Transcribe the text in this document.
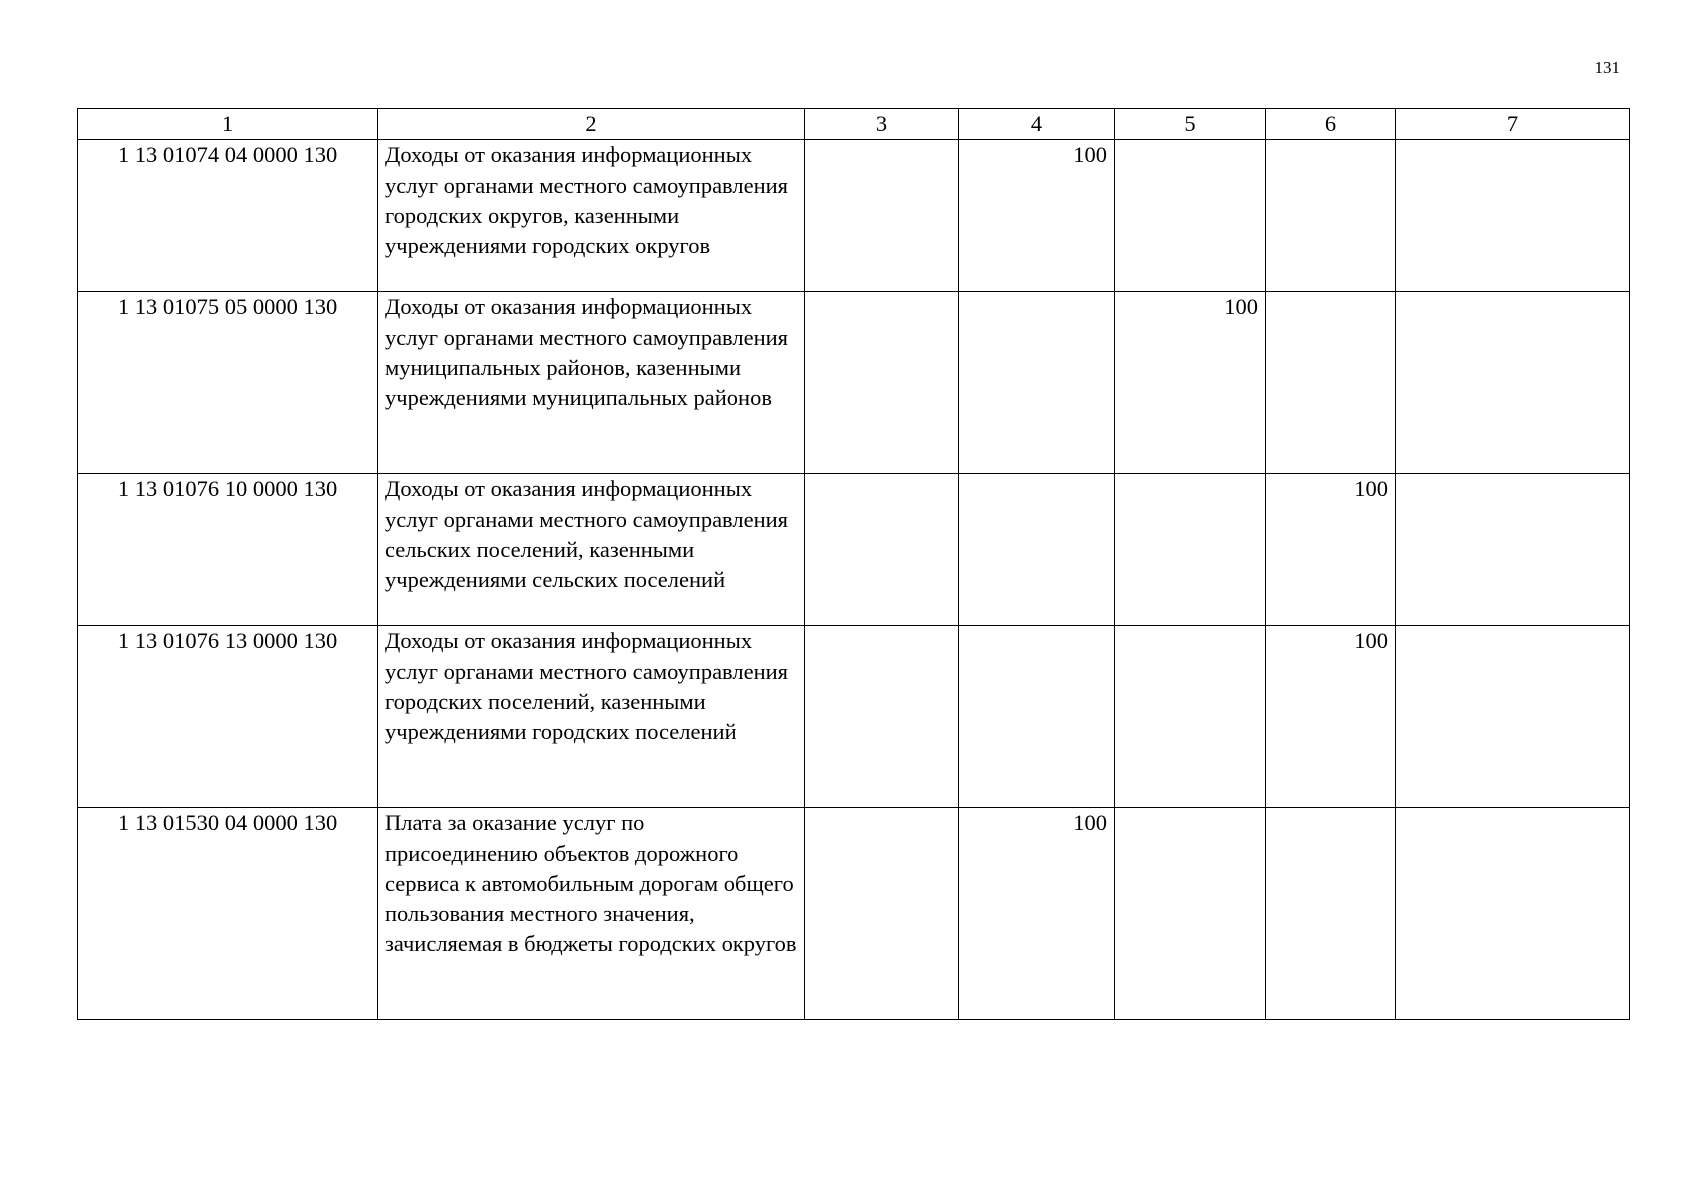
131
1	2	3	4	5	6	7
1 13 01074 04 0000 130	Доходы от оказания информационных услуг органами местного самоуправления городских округов, казенными учреждениями городских округов		100			
1 13 01075 05 0000 130	Доходы от оказания информационных услуг органами местного самоуправления муниципальных районов, казенными учреждениями муниципальных районов			100		
1 13 01076 10 0000 130	Доходы от оказания информационных услуг органами местного самоуправления сельских поселений, казенными учреждениями сельских поселений				100	
1 13 01076 13 0000 130	Доходы от оказания информационных услуг органами местного самоуправления городских поселений, казенными учреждениями городских поселений				100	
1 13 01530 04 0000 130	Плата за оказание услуг по присоединению объектов дорожного сервиса к автомобильным дорогам общего пользования местного значения, зачисляемая в бюджеты городских округов		100			
